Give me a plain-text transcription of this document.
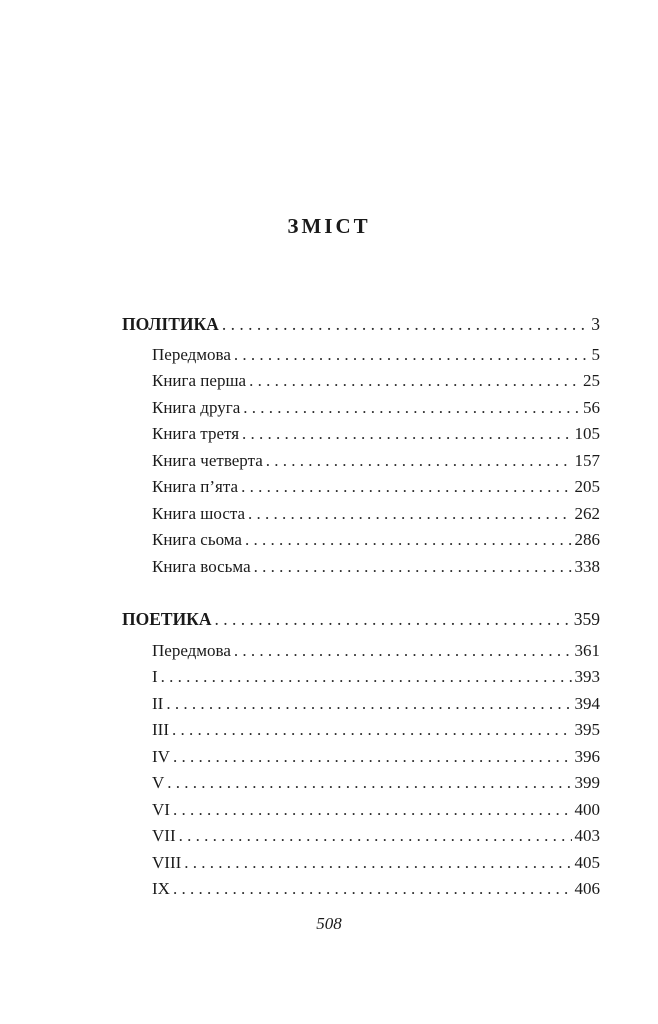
ЗМІСТ
ПОЛІТИКА . . .	3
Передмова . . .	5
Книга перша . . .	25
Книга друга . . .	56
Книга третя . . .	105
Книга четверта . . .	157
Книга п’ята . . .	205
Книга шоста . . .	262
Книга сьома . . .	286
Книга восьма . . .	338
ПОЕТИКА . . .	359
Передмова . . .	361
I . . .	393
II . . .	394
III . . .	395
IV . . .	396
V . . .	399
VI . . .	400
VII . . .	403
VIII . . .	405
IX . . .	406
508
